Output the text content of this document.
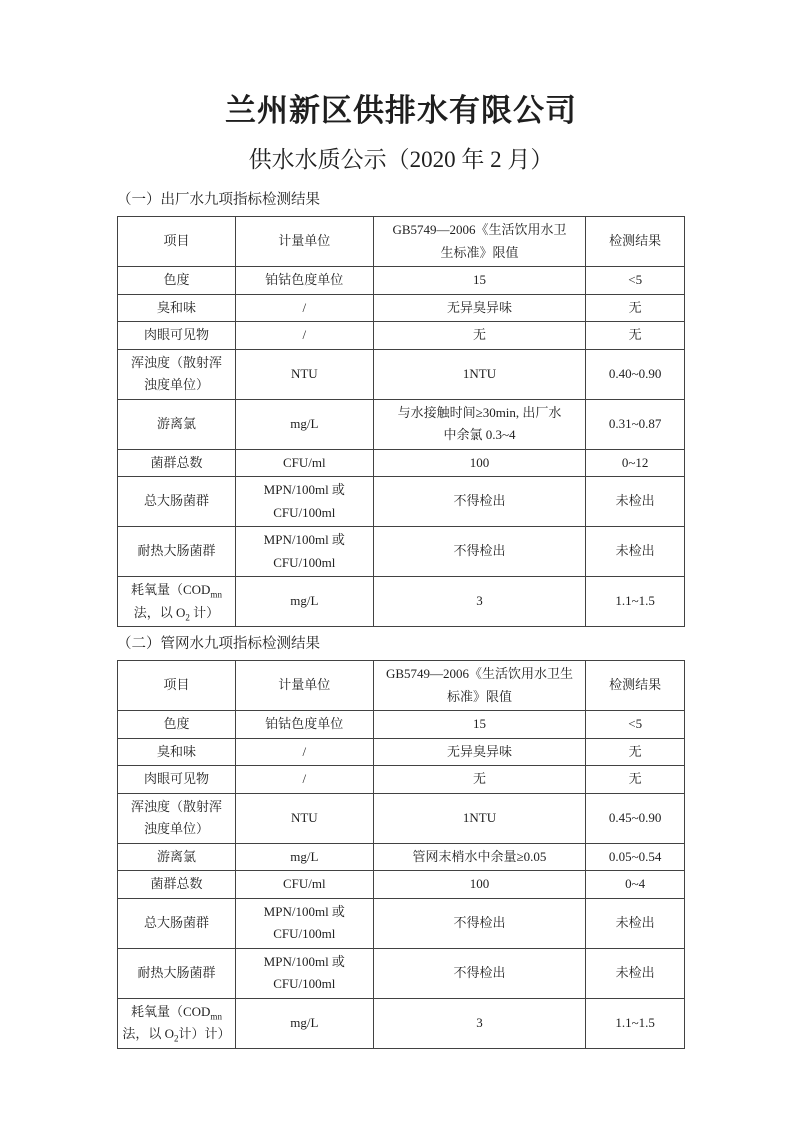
兰州新区供排水有限公司
供水水质公示（2020 年 2 月）
（一）出厂水九项指标检测结果
项目	计量单位	GB5749—2006《生活饮用水卫
生标准》限值	检测结果
色度	铂钴色度单位	15	<5
臭和味	/	无异臭异味	无
肉眼可见物	/	无	无
浑浊度（散射浑
浊度单位）	NTU	1NTU	0.40~0.90
游离氯	mg/L	与水接触时间≥30min, 出厂水
中余氯 0.3~4	0.31~0.87
菌群总数	CFU/ml	100	0~12
总大肠菌群	MPN/100ml 或
CFU/100ml	不得检出	未检出
耐热大肠菌群	MPN/100ml 或
CFU/100ml	不得检出	未检出
耗氧量（$COD_{mn}$
法，以 $O_2$ 计）	mg/L	3	1.1~1.5
（二）管网水九项指标检测结果
项目	计量单位	GB5749—2006《生活饮用水卫生
标准》限值	检测结果
色度	铂钴色度单位	15	<5
臭和味	/	无异臭异味	无
肉眼可见物	/	无	无
浑浊度（散射浑
浊度单位）	NTU	1NTU	0.45~0.90
游离氯	mg/L	管网末梢水中余量≥0.05	0.05~0.54
菌群总数	CFU/ml	100	0~4
总大肠菌群	MPN/100ml 或
CFU/100ml	不得检出	未检出
耐热大肠菌群	MPN/100ml 或
CFU/100ml	不得检出	未检出
耗氧量（$COD_{mn}$
法，以 $O_2$计）计）	mg/L	3	1.1~1.5
